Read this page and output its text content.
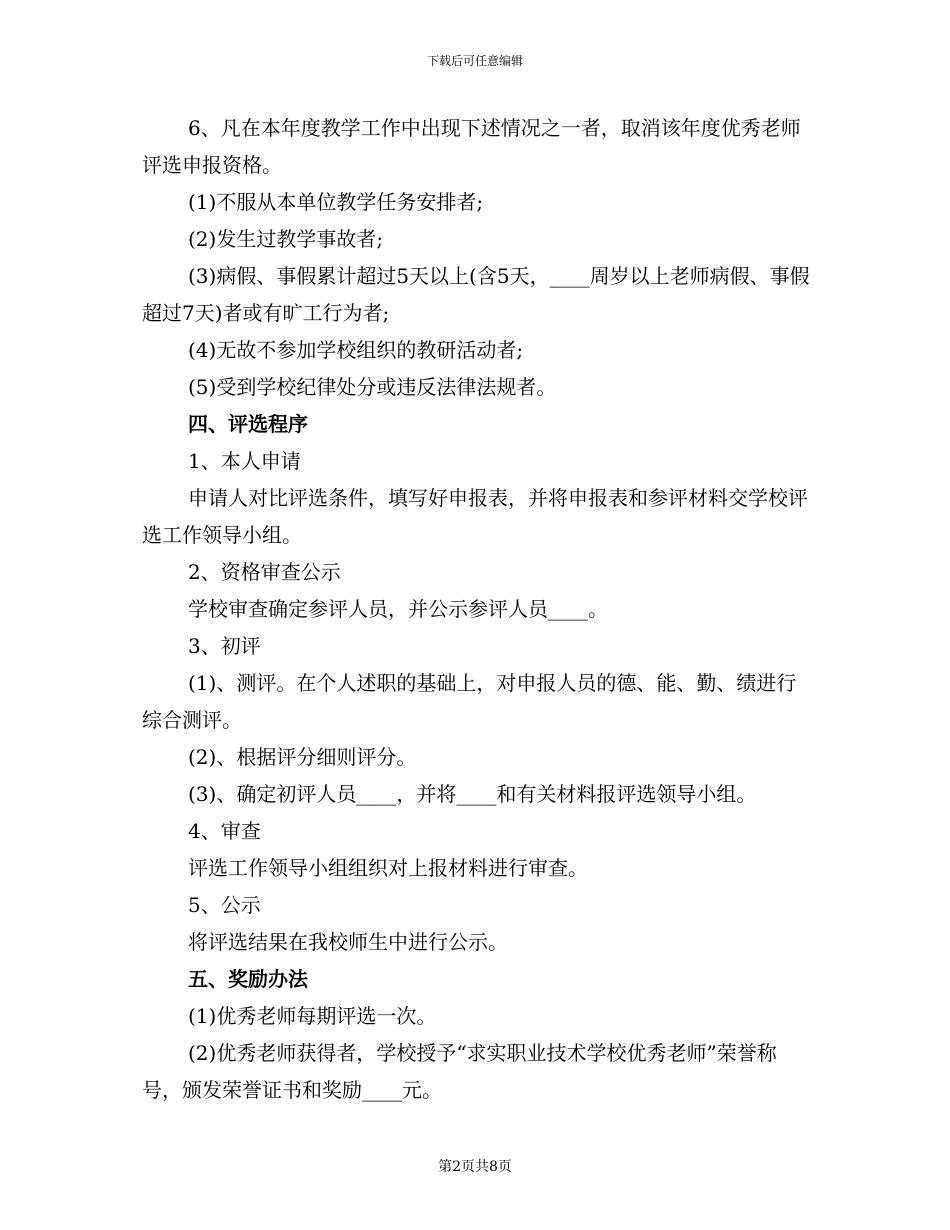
下载后可任意编辑

6、凡在本年度教学工作中出现下述情况之一者，取消该年度优秀老师评选申报资格。

(1)不服从本单位教学任务安排者;

(2)发生过教学事故者;

(3)病假、事假累计超过5天以上(含5天，____周岁以上老师病假、事假超过7天)者或有旷工行为者;

(4)无故不参加学校组织的教研活动者;

(5)受到学校纪律处分或违反法律法规者。

四、评选程序

1、本人申请

申请人对比评选条件，填写好申报表，并将申报表和参评材料交学校评选工作领导小组。

2、资格审查公示

学校审查确定参评人员，并公示参评人员____。

3、初评

(1)、测评。在个人述职的基础上，对申报人员的德、能、勤、绩进行综合测评。

(2)、根据评分细则评分。

(3)、确定初评人员____，并将____和有关材料报评选领导小组。

4、审查

评选工作领导小组组织对上报材料进行审查。

5、公示

将评选结果在我校师生中进行公示。

五、奖励办法

(1)优秀老师每期评选一次。

(2)优秀老师获得者，学校授予“求实职业技术学校优秀老师”荣誉称号，颁发荣誉证书和奖励____元。

第2页共8页
